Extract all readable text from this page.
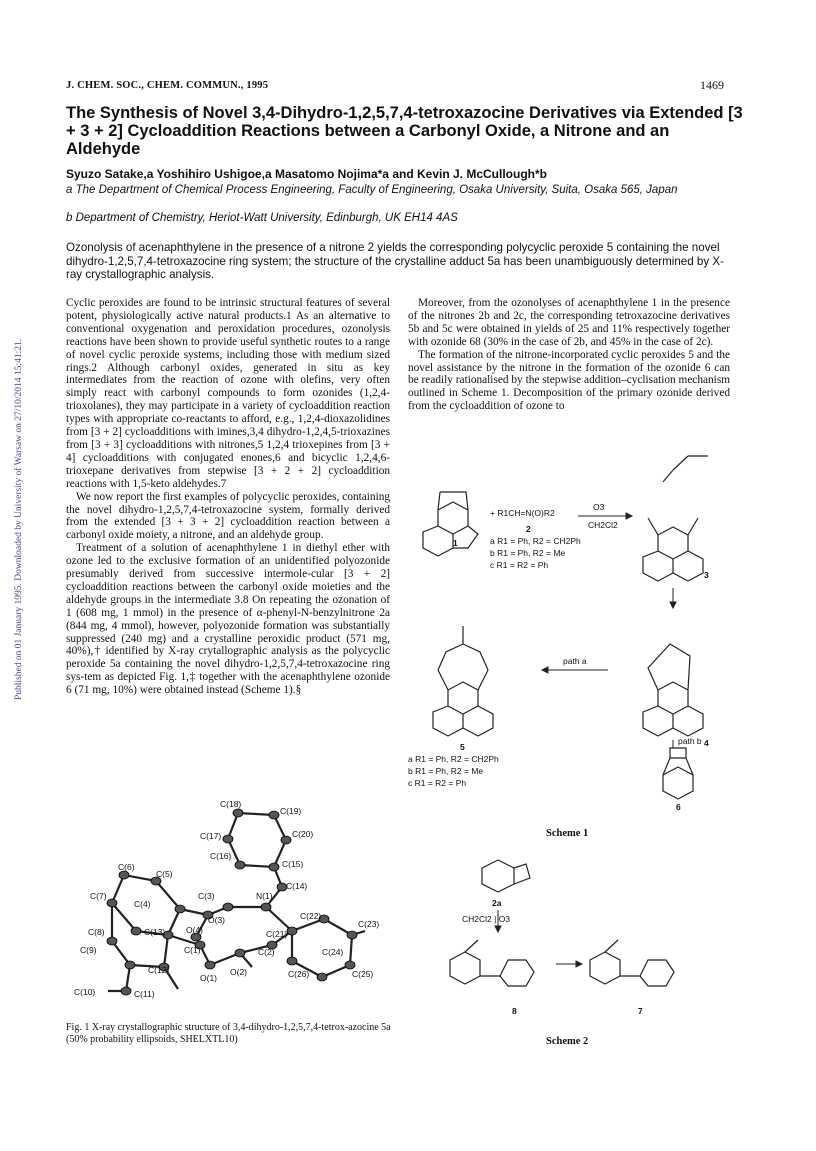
J. CHEM. SOC., CHEM. COMMUN., 1995	1469
The Synthesis of Novel 3,4-Dihydro-1,2,5,7,4-tetroxazocine Derivatives via Extended [3 + 3 + 2] Cycloaddition Reactions between a Carbonyl Oxide, a Nitrone and an Aldehyde
Syuzo Satake,a Yoshihiro Ushigoe,a Masatomo Nojima*a and Kevin J. McCullough*b
a The Department of Chemical Process Engineering, Faculty of Engineering, Osaka University, Suita, Osaka 565, Japan
b Department of Chemistry, Heriot-Watt University, Edinburgh, UK EH14 4AS
Ozonolysis of acenaphthylene in the presence of a nitrone 2 yields the corresponding polycyclic peroxide 5 containing the novel dihydro-1,2,5,7,4-tetroxazocine ring system; the structure of the crystalline adduct 5a has been unambiguously determined by X-ray crystallographic analysis.
Published on 01 January 1995. Downloaded by University of Warsaw on 27/10/2014 15:41:21.

Cyclic peroxides are found to be intrinsic structural features of several potent, physiologically active natural products.1 As an alternative to conventional oxygenation and peroxidation procedures, ozonolysis reactions have been shown to provide useful synthetic routes to a range of novel cyclic peroxide systems, including those with medium sized rings.2 Although carbonyl oxides, generated in situ as key intermediates from the reaction of ozone with olefins, very often simply react with carbonyl compounds to form ozonides (1,2,4-trioxolanes), they may participate in a variety of cycloaddition reaction types with appropriate co-reactants to afford, e.g., 1,2,4-dioxazolidines from [3 + 2] cycloadditions with imines,3,4 dihydro-1,2,4,5-trioxazines from [3 + 3] cycloadditions with nitrones,5 1,2,4 trioxepines from [3 + 4] cycloadditions with conjugated enones,6 and bicyclic 1,2,4,6-trioxepane derivatives from stepwise [3 + 2 + 2] cycloaddition reactions with 1,5-keto aldehydes.7

We now report the first examples of polycyclic peroxides, containing the novel dihydro-1,2,5,7,4-tetroxazocine system, formally derived from the extended [3 + 3 + 2] cycloaddition reaction between a carbonyl oxide moiety, a nitrone, and an aldehyde group.

Treatment of a solution of acenaphthylene 1 in diethyl ether with ozone led to the exclusive formation of an unidentified polyozonide presumably derived from successive intermole-cular [3 + 2] cycloaddition reactions between the carbonyl oxide moieties and the aldehyde groups in the intermediate 3.8 On repeating the ozonation of 1 (608 mg, 1 mmol) in the presence of α-phenyl-N-benzylnitrone 2a (844 mg, 4 mmol), however, polyozonide formation was substantially suppressed (240 mg) and a crystalline peroxidic product (571 mg, 40%),† identified by X-ray crytallographic analysis as the polycyclic peroxide 5a containing the novel dihydro-1,2,5,7,4-tetroxazocine ring sys-tem as depicted Fig. 1,‡ together with the acenaphthylene ozonide 6 (71 mg, 10%) were obtained instead (Scheme 1).§

Moreover, from the ozonolyses of acenaphthylene 1 in the presence of the nitrones 2b and 2c, the corresponding tetroxazocine derivatives 5b and 5c were obtained in yields of 25 and 11% respectively together with ozonide 68 (30% in the case of 2b, and 45% in the case of 2c).

The formation of the nitrone-incorporated cyclic peroxides 5 and the novel assistance by the nitrone in the formation of the ozonide 6 can be readily rationalised by the stepwise addition–cyclisation mechanism outlined in Scheme 1. Decomposition of the primary ozonide derived from the cycloaddition of ozone to

C(18)
C(19)
C(17)	C(20)
C(16)
C(15)
C(6)
C(5)
C(14)
C(7)
C(4)
C(3)	N(1)
C(22)
O(3)	C(23)
C(8)	C(13) O(4)	C(21)
C(1)
C(9)	C(2)	C(24)
C(12)	O(2)	C(26)
O(1)	C(25)
C(10)	C(11)
Fig. 1 X-ray crystallographic structure of 3,4-dihydro-1,2,5,7,4-tetrox-azocine 5a (50% probability ellipsoids, SHELXTL10)
+ R1CH=N(O)R2
O3
CH2Cl2
1
2
3
4
5
6
a R1 = Ph, R2 = CH2Ph
b R1 = Ph, R2 = Me
c R1 = R2 = Ph
a R1 = Ph, R2 = CH2Ph
b R1 = Ph, R2 = Me
c R1 = R2 = Ph
path a
path b
Scheme 1
2a
CH2Cl2 | O3
8	7
Scheme 2
